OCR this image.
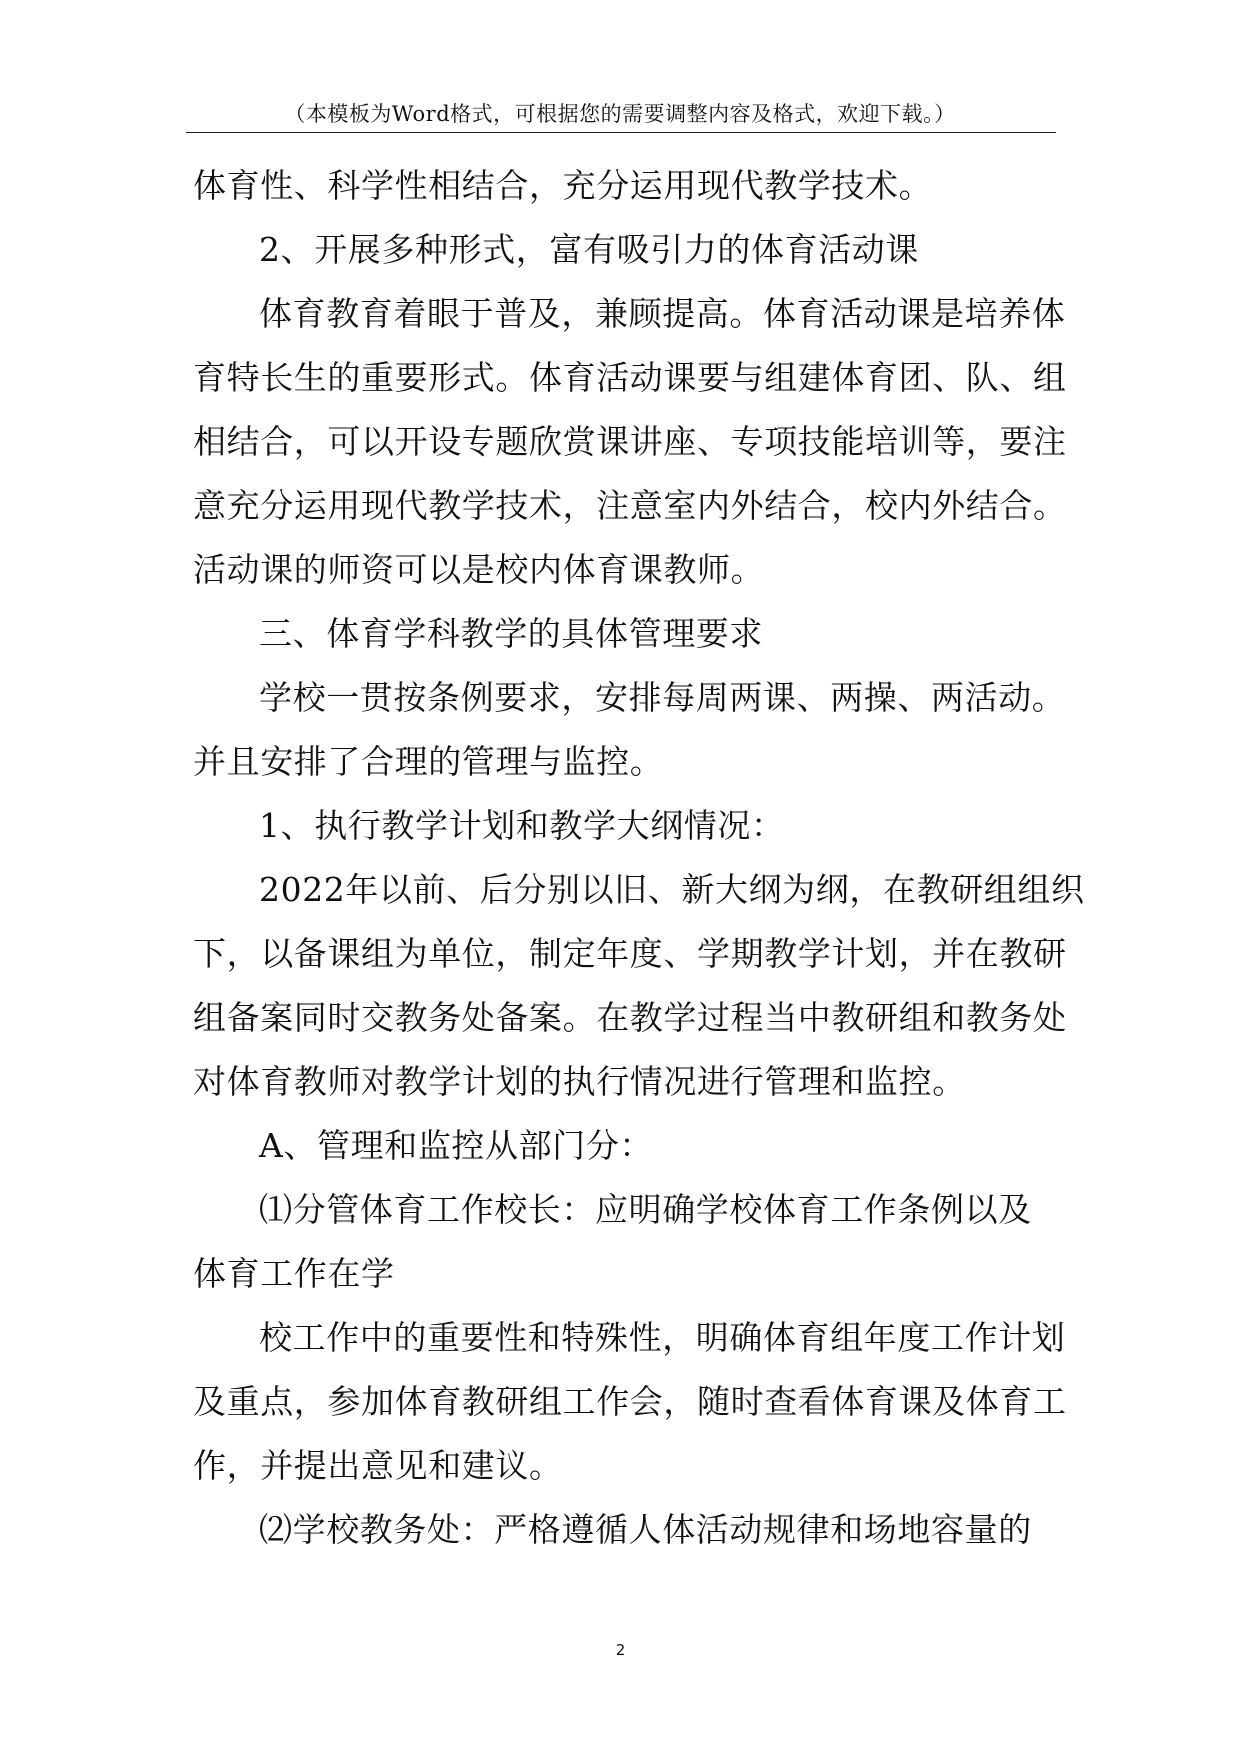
（本模板为Word格式，可根据您的需要调整内容及格式，欢迎下载。）
体育性、科学性相结合，充分运用现代教学技术。
2、开展多种形式，富有吸引力的体育活动课
体育教育着眼于普及，兼顾提高。体育活动课是培养体
育特长生的重要形式。体育活动课要与组建体育团、队、组
相结合，可以开设专题欣赏课讲座、专项技能培训等，要注
意充分运用现代教学技术，注意室内外结合，校内外结合。
活动课的师资可以是校内体育课教师。
三、体育学科教学的具体管理要求
学校一贯按条例要求，安排每周两课、两操、两活动。
并且安排了合理的管理与监控。
1、执行教学计划和教学大纲情况：
2022年以前、后分别以旧、新大纲为纲，在教研组组织
下，以备课组为单位，制定年度、学期教学计划，并在教研
组备案同时交教务处备案。在教学过程当中教研组和教务处
对体育教师对教学计划的执行情况进行管理和监控。
A、管理和监控从部门分：
⑴分管体育工作校长：应明确学校体育工作条例以及
体育工作在学
校工作中的重要性和特殊性，明确体育组年度工作计划
及重点，参加体育教研组工作会，随时查看体育课及体育工
作，并提出意见和建议。
⑵学校教务处：严格遵循人体活动规律和场地容量的
2
